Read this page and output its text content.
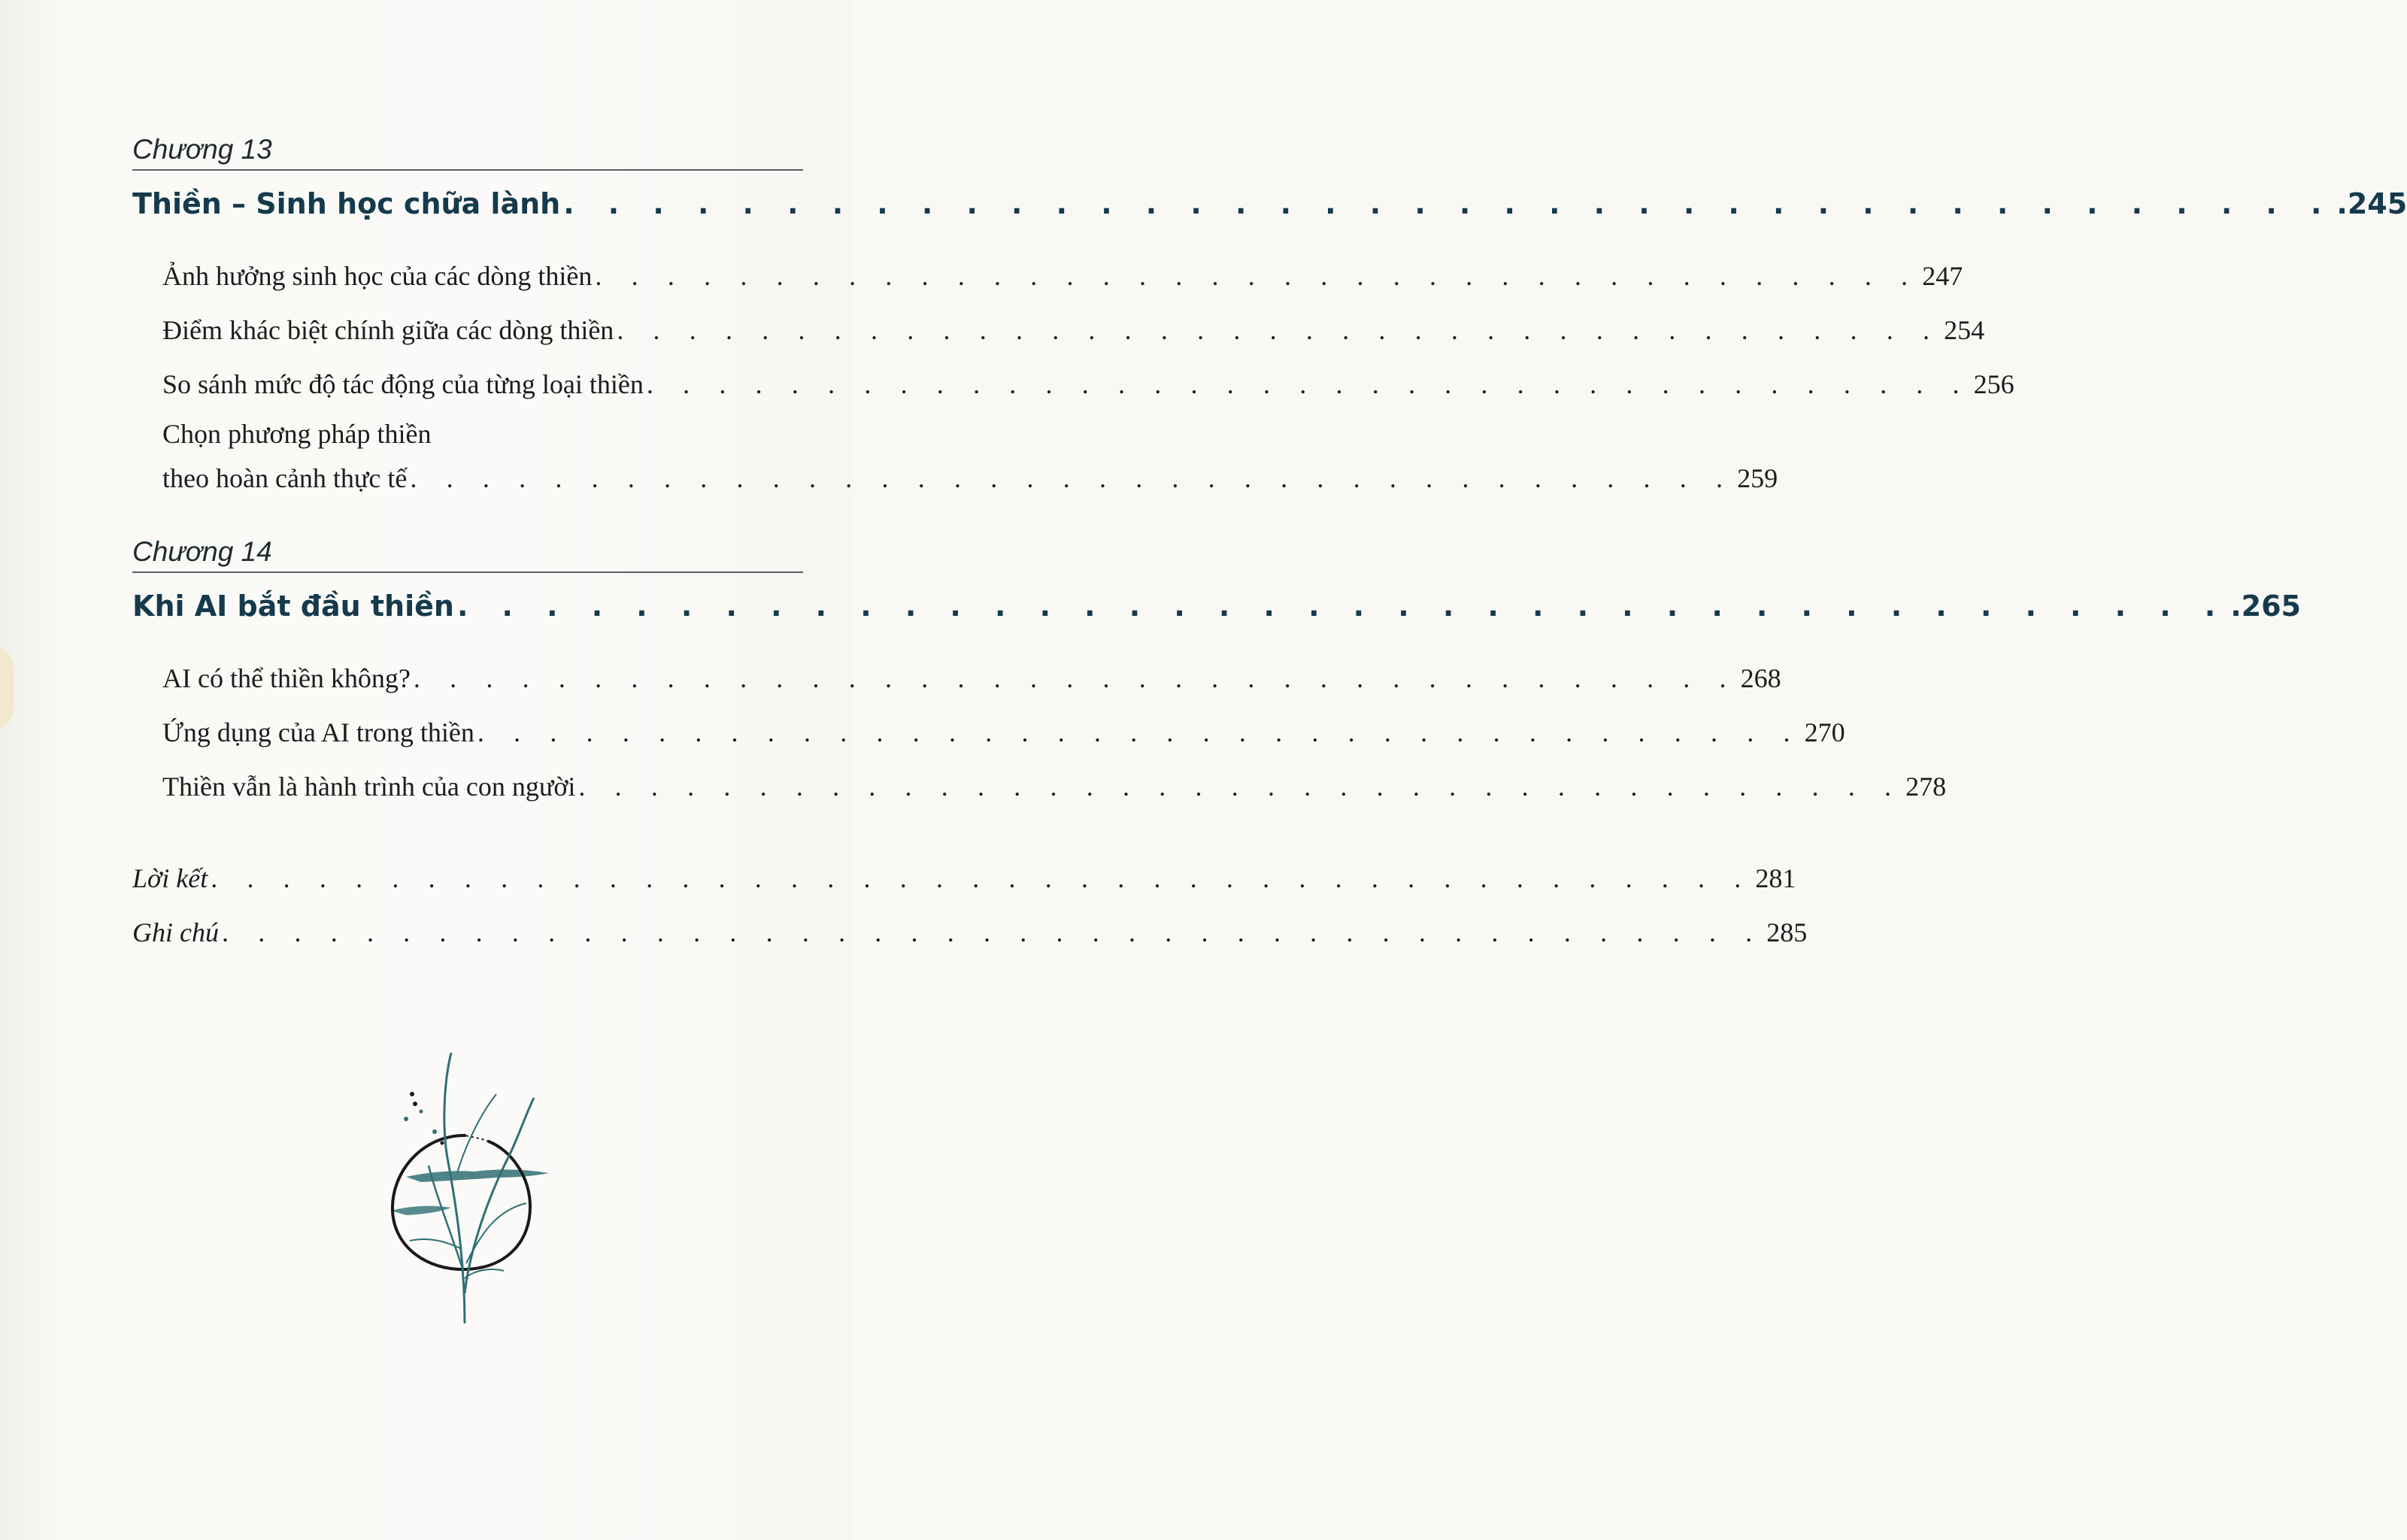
Chương 13
Thiền – Sinh học chữa lành . . . . . . . . . . . . . . . . . . . . . . . . . . . . . . . . . . . . . . . . .245
Ảnh hưởng sinh học của các dòng thiền . . . . . . . . . . . . . . . . . . . . . . . . . . . . . . . . . . . . . 247
Điểm khác biệt chính giữa các dòng thiền . . . . . . . . . . . . . . . . . . . . . . . . . . . . . . . . . . . . . 254
So sánh mức độ tác động của từng loại thiền . . . . . . . . . . . . . . . . . . . . . . . . . . . . . . . . . . . . . 256
Chọn phương pháp thiền
theo hoàn cảnh thực tế . . . . . . . . . . . . . . . . . . . . . . . . . . . . . . . . . . . . . 259
Chương 14
Khi AI bắt đầu thiền . . . . . . . . . . . . . . . . . . . . . . . . . . . . . . . . . . . . . . . . .265
AI có thể thiền không? . . . . . . . . . . . . . . . . . . . . . . . . . . . . . . . . . . . . . 268
Ứng dụng của AI trong thiền . . . . . . . . . . . . . . . . . . . . . . . . . . . . . . . . . . . . . 270
Thiền vẫn là hành trình của con người . . . . . . . . . . . . . . . . . . . . . . . . . . . . . . . . . . . . . 278
Lời kết . . . . . . . . . . . . . . . . . . . . . . . . . . . . . . . . . . . . . . . . . . . 281
Ghi chú . . . . . . . . . . . . . . . . . . . . . . . . . . . . . . . . . . . . . . . . . . . 285
